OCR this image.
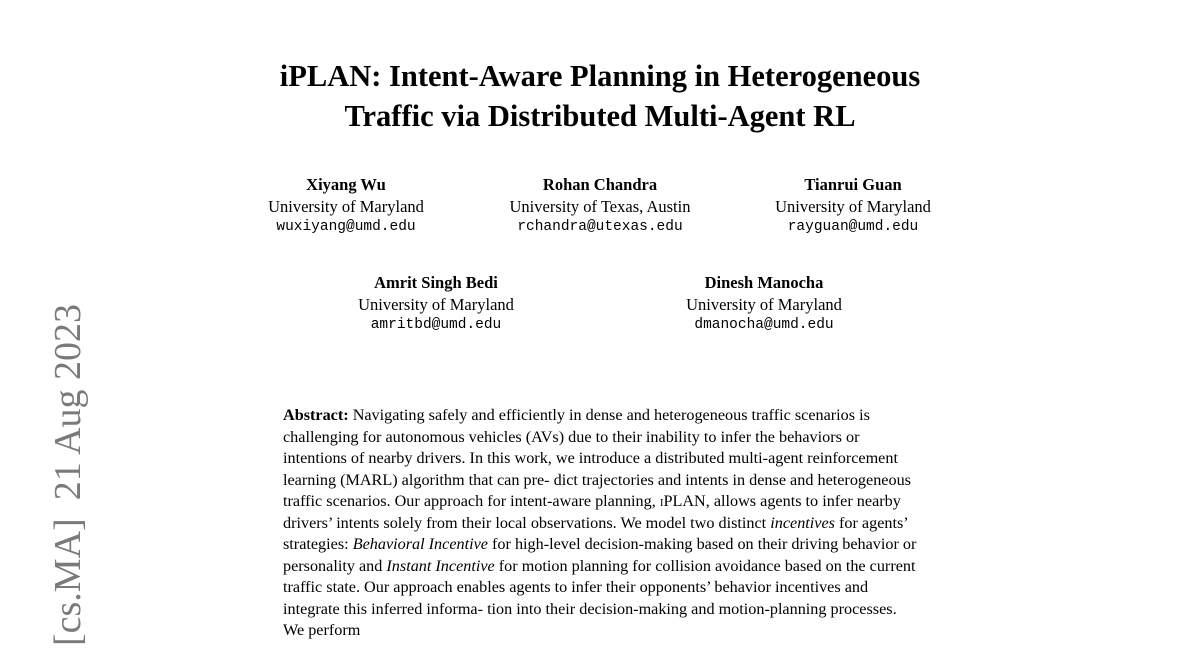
iPLAN: Intent-Aware Planning in Heterogeneous
Traffic via Distributed Multi-Agent RL
Xiyang Wu
University of Maryland
wuxiyang@umd.edu
Rohan Chandra
University of Texas, Austin
rchandra@utexas.edu
Tianrui Guan
University of Maryland
rayguan@umd.edu
Amrit Singh Bedi
University of Maryland
amritbd@umd.edu
Dinesh Manocha
University of Maryland
dmanocha@umd.edu
[cs.MA]21 Aug 2023	Abstract: Navigating safely and efficiently in dense and heterogeneous traffic scenarios is challenging for autonomous vehicles (AVs) due to their inability to infer the behaviors or intentions of nearby drivers. In this work, we introduce a distributed multi-agent reinforcement learning (MARL) algorithm that can pre- dict trajectories and intents in dense and heterogeneous traffic scenarios. Our approach for intent-aware planning, iPLAN, allows agents to infer nearby drivers’ intents solely from their local observations. We model two distinct incentives for agents’ strategies: Behavioral Incentive for high-level decision-making based on their driving behavior or personality and Instant Incentive for motion planning for collision avoidance based on the current traffic state. Our approach enables agents to infer their opponents’ behavior incentives and integrate this inferred informa- tion into their decision-making and motion-planning processes. We perform
